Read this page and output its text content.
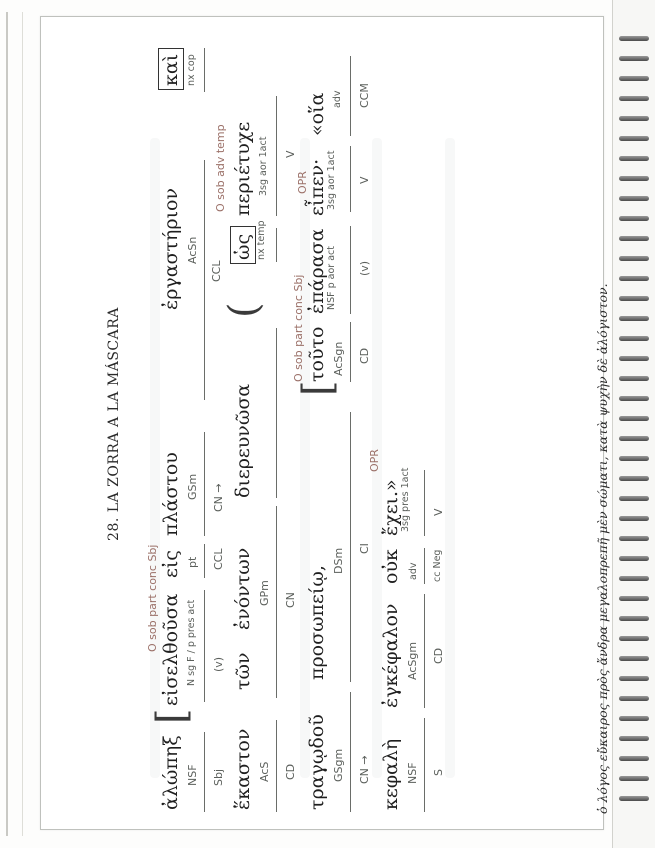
28. LA ZORRA A LA MÁSCARA
O sob part conc Sbj
ἀλώπηξ
[
εἰσελθοῦσα
εἰς
πλάστου
ἐργαστήριον
καὶ
NSF
N sg F / p pres act
pt
GSm
AcSn
nx cop
Sbj
(v)
CCL
CN →
CCL
O sob adv temp
ἕκαστον
τῶν
ἐνόντων
διερευνῶσα
(
ὡς
περιέτυχε
AcS
GPm
nx temp
3sg aor 1act
CD
CN
V
O sob part conc Sbj
OPR
τραγῳδοῦ
προσωπείῳ,
[
τοῦτο
ἐπάρασα
εἶπεν·
«οἵα
GSgm
DSm
AcSgn
NSF p aor act
3sg aor 1act
adv
CN →
CI
CD
(v)
V
CCM
OPR
κεφαλὴ
ἐγκέφαλον
οὐκ
ἔχει.»
NSF
AcSgm
adv
3sg pres 1act
S
CD
cc Neg
V	ὁ λόγος εὔκαιρος πρὸς ἄνδρα μεγαλοπρεπῆ μὲν σώματι, κατὰ ψυχὴν δὲ ἀλόγιστον.
